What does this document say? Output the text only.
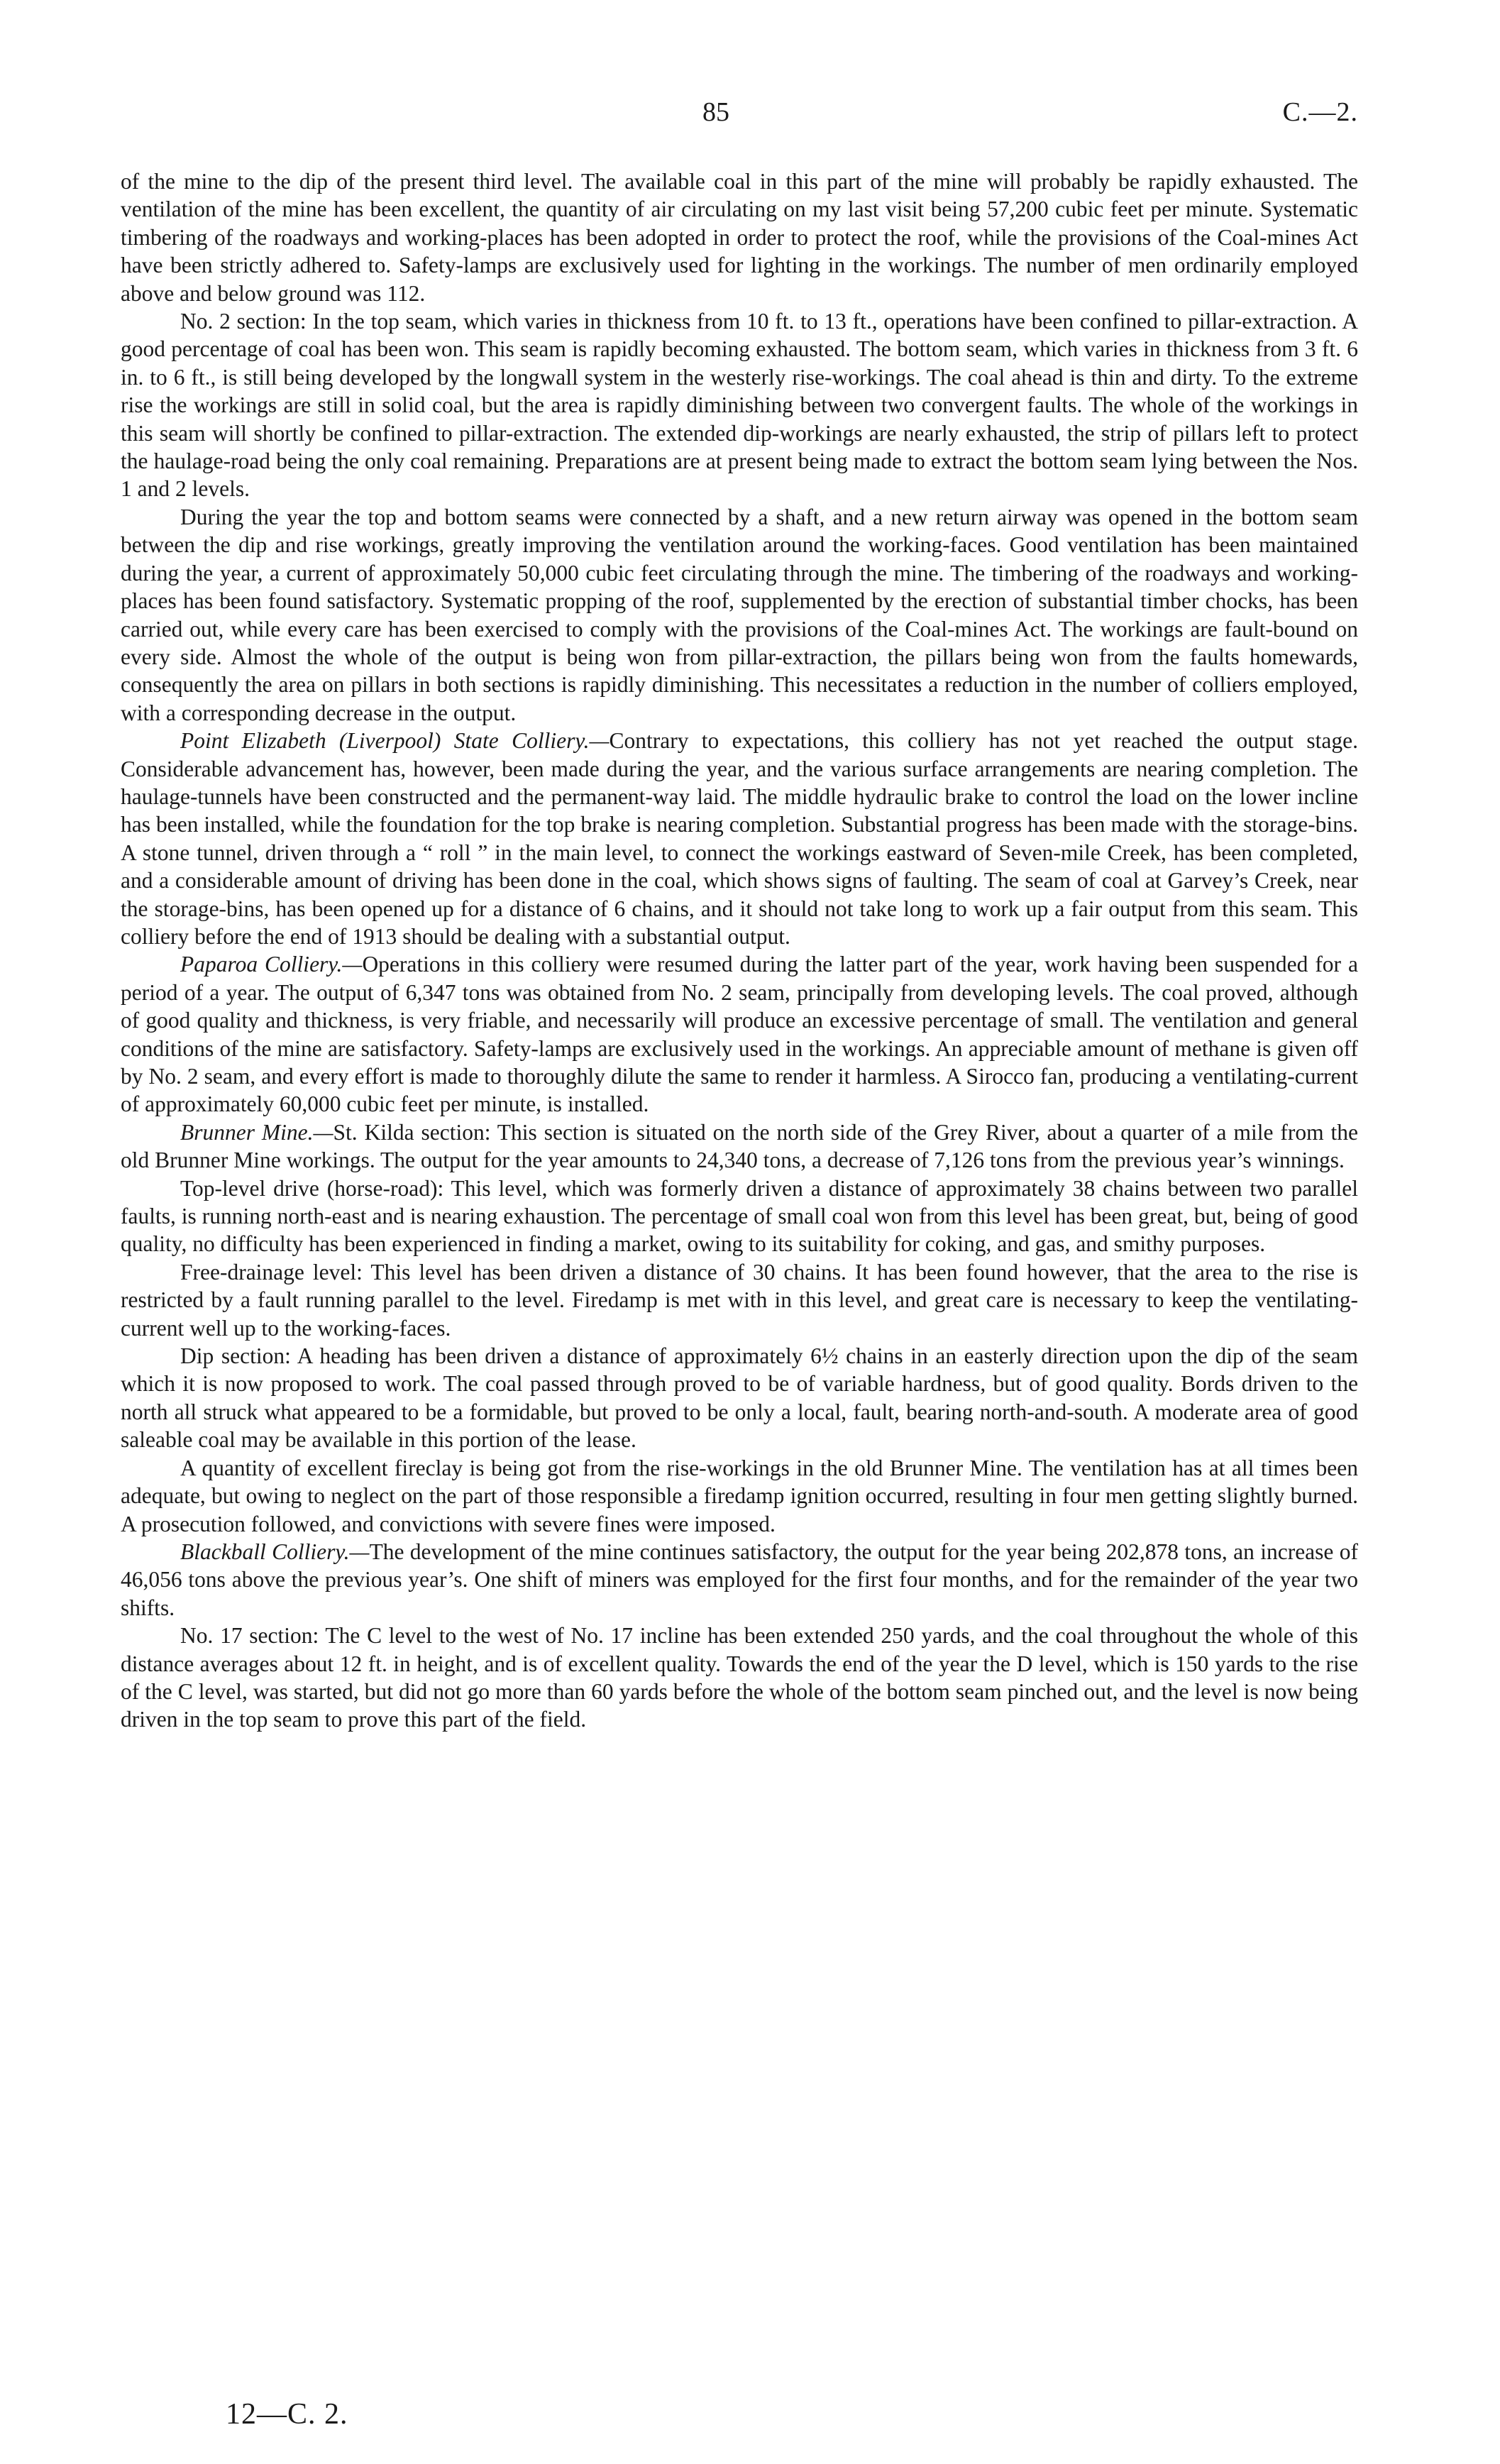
85	C.—2.

of the mine to the dip of the present third level. The available coal in this part of the mine will probably be rapidly exhausted. The ventilation of the mine has been excellent, the quantity of air circulating on my last visit being 57,200 cubic feet per minute. Systematic timbering of the roadways and working-places has been adopted in order to protect the roof, while the provisions of the Coal-mines Act have been strictly adhered to. Safety-lamps are exclusively used for lighting in the workings. The number of men ordinarily employed above and below ground was 112.

No. 2 section: In the top seam, which varies in thickness from 10 ft. to 13 ft., operations have been confined to pillar-extraction. A good percentage of coal has been won. This seam is rapidly becoming exhausted. The bottom seam, which varies in thickness from 3 ft. 6 in. to 6 ft., is still being developed by the longwall system in the westerly rise-workings. The coal ahead is thin and dirty. To the extreme rise the workings are still in solid coal, but the area is rapidly diminishing between two convergent faults. The whole of the workings in this seam will shortly be confined to pillar-extraction. The extended dip-workings are nearly exhausted, the strip of pillars left to protect the haulage-road being the only coal remaining. Preparations are at present being made to extract the bottom seam lying between the Nos. 1 and 2 levels.

During the year the top and bottom seams were connected by a shaft, and a new return airway was opened in the bottom seam between the dip and rise workings, greatly improving the ventilation around the working-faces. Good ventilation has been maintained during the year, a current of approximately 50,000 cubic feet circulating through the mine. The timbering of the roadways and working-places has been found satisfactory. Systematic propping of the roof, supplemented by the erection of substantial timber chocks, has been carried out, while every care has been exercised to comply with the provisions of the Coal-mines Act. The workings are fault-bound on every side. Almost the whole of the output is being won from pillar-extraction, the pillars being won from the faults homewards, consequently the area on pillars in both sections is rapidly diminishing. This necessitates a reduction in the number of colliers employed, with a corresponding decrease in the output.

Point Elizabeth (Liverpool) State Colliery.—Contrary to expectations, this colliery has not yet reached the output stage. Considerable advancement has, however, been made during the year, and the various surface arrangements are nearing completion. The haulage-tunnels have been constructed and the permanent-way laid. The middle hydraulic brake to control the load on the lower incline has been installed, while the foundation for the top brake is nearing completion. Substantial progress has been made with the storage-bins. A stone tunnel, driven through a “ roll ” in the main level, to connect the workings eastward of Seven-mile Creek, has been completed, and a considerable amount of driving has been done in the coal, which shows signs of faulting. The seam of coal at Garvey’s Creek, near the storage-bins, has been opened up for a distance of 6 chains, and it should not take long to work up a fair output from this seam. This colliery before the end of 1913 should be dealing with a substantial output.

Paparoa Colliery.—Operations in this colliery were resumed during the latter part of the year, work having been suspended for a period of a year. The output of 6,347 tons was obtained from No. 2 seam, principally from developing levels. The coal proved, although of good quality and thickness, is very friable, and necessarily will produce an excessive percentage of small. The ventilation and general conditions of the mine are satisfactory. Safety-lamps are exclusively used in the workings. An appreciable amount of methane is given off by No. 2 seam, and every effort is made to thoroughly dilute the same to render it harmless. A Sirocco fan, producing a ventilating-current of approximately 60,000 cubic feet per minute, is installed.

Brunner Mine.—St. Kilda section: This section is situated on the north side of the Grey River, about a quarter of a mile from the old Brunner Mine workings. The output for the year amounts to 24,340 tons, a decrease of 7,126 tons from the previous year’s winnings.

Top-level drive (horse-road): This level, which was formerly driven a distance of approximately 38 chains between two parallel faults, is running north-east and is nearing exhaustion. The percentage of small coal won from this level has been great, but, being of good quality, no difficulty has been experienced in finding a market, owing to its suitability for coking, and gas, and smithy purposes.

Free-drainage level: This level has been driven a distance of 30 chains. It has been found however, that the area to the rise is restricted by a fault running parallel to the level. Firedamp is met with in this level, and great care is necessary to keep the ventilating-current well up to the working-faces.

Dip section: A heading has been driven a distance of approximately 6½ chains in an easterly direction upon the dip of the seam which it is now proposed to work. The coal passed through proved to be of variable hardness, but of good quality. Bords driven to the north all struck what appeared to be a formidable, but proved to be only a local, fault, bearing north-and-south. A moderate area of good saleable coal may be available in this portion of the lease.

A quantity of excellent fireclay is being got from the rise-workings in the old Brunner Mine. The ventilation has at all times been adequate, but owing to neglect on the part of those responsible a firedamp ignition occurred, resulting in four men getting slightly burned. A prosecution followed, and convictions with severe fines were imposed.

Blackball Colliery.—The development of the mine continues satisfactory, the output for the year being 202,878 tons, an increase of 46,056 tons above the previous year’s. One shift of miners was employed for the first four months, and for the remainder of the year two shifts.

No. 17 section: The C level to the west of No. 17 incline has been extended 250 yards, and the coal throughout the whole of this distance averages about 12 ft. in height, and is of excellent quality. Towards the end of the year the D level, which is 150 yards to the rise of the C level, was started, but did not go more than 60 yards before the whole of the bottom seam pinched out, and the level is now being driven in the top seam to prove this part of the field.

12—C. 2.
